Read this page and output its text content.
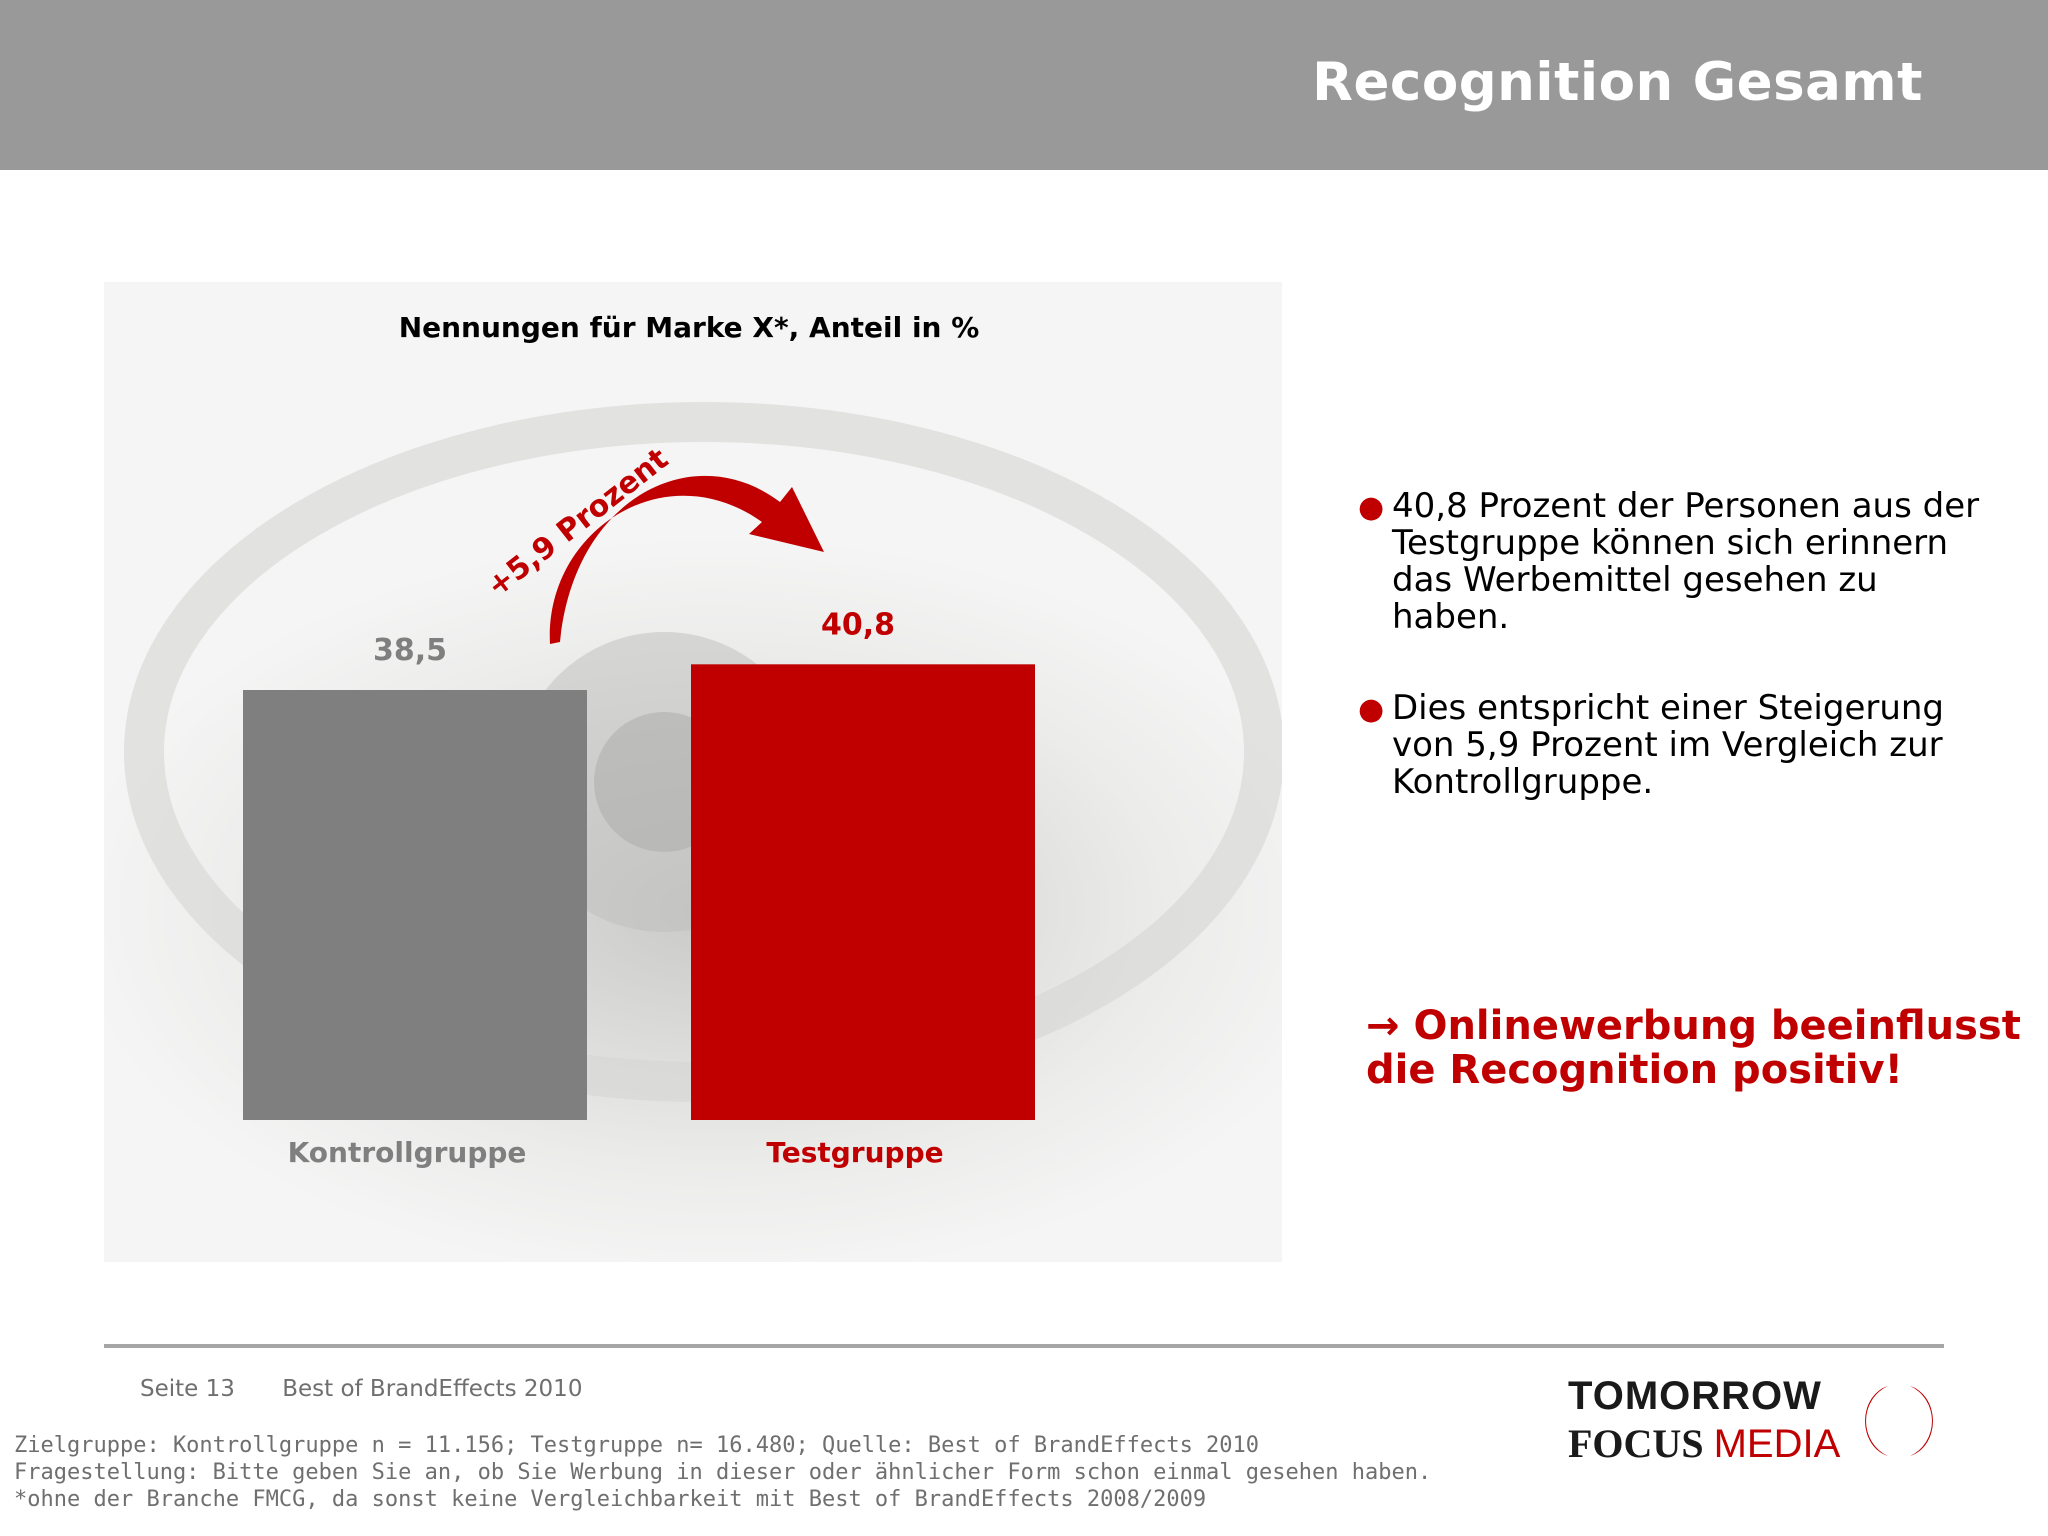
Recognition Gesamt
Nennungen für Marke X*, Anteil in %
38,5
Kontrollgruppe
40,8
Testgruppe
+5,9 Prozent	● 40,8 Prozent der Personen aus der Testgruppe können sich erinnern das Werbemittel gesehen zu haben.
● Dies entspricht einer Steigerung von 5,9 Prozent im Vergleich zur Kontrollgruppe.
→ Onlinewerbung beeinflusst die Recognition positiv!
Seite 13 Best of BrandEffects 2010
Zielgruppe: Kontrollgruppe n = 11.156; Testgruppe n= 16.480; Quelle: Best of BrandEffects 2010
Fragestellung: Bitte geben Sie an, ob Sie Werbung in dieser oder ähnlicher Form schon einmal gesehen haben.
*ohne der Branche FMCG, da sonst keine Vergleichbarkeit mit Best of BrandEffects 2008/2009
TOMORROW
FOCUS MEDIA
